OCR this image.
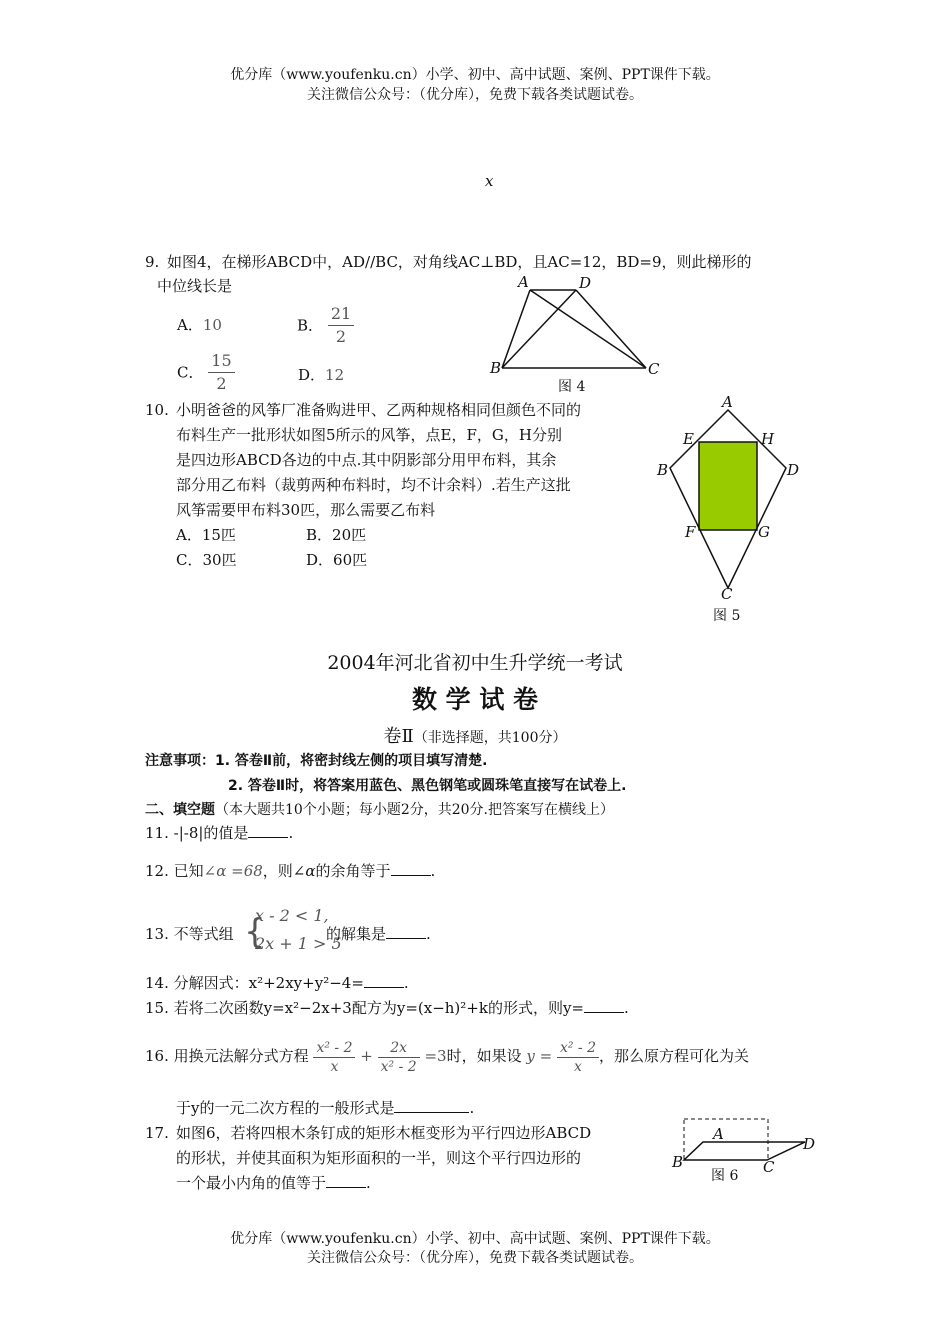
优分库（www.youfenku.cn）小学、初中、高中试题、案例、PPT课件下载。
关注微信公众号：（优分库），免费下载各类试题试卷。
x
9. 如图4，在梯形ABCD中，AD//BC，对角线AC⊥BD，且AC=12，BD=9，则此梯形的
中位线长是
A．10	B． $\frac{21}{2}$
C． $\frac{15}{2}$	D．12
A	D
B	C
图 4
10. 小明爸爸的风筝厂准备购进甲、乙两种规格相同但颜色不同的
布料生产一批形状如图5所示的风筝，点E，F，G，H分别
是四边形ABCD各边的中点.其中阴影部分用甲布料，其余
部分用乙布料（裁剪两种布料时，均不计余料）.若生产这批
风筝需要甲布料30匹，那么需要乙布料
A．15匹	B．20匹
C．30匹	D．60匹
A
B	D
C
E	H
F	G
图 5
2004年河北省初中生升学统一考试
数 学 试 卷
卷Ⅱ（非选择题，共100分）
注意事项：1. 答卷Ⅱ前，将密封线左侧的项目填写清楚.
2. 答卷Ⅱ时，将答案用蓝色、黑色钢笔或圆珠笔直接写在试卷上.
二、填空题（本大题共10个小题；每小题2分，共20分.把答案写在横线上）
11. -|-8|的值是	.
12. 已知∠α =68，则∠α的余角等于	.
13. 不等式组 {
x - 2 < 1,
2x + 1 > 5
的解集是	.
14. 分解因式：x²+2xy+y²−4=	.
15. 若将二次函数y=x²−2x+3配方为y=(x−h)²+k的形式，则y=	.
16. 用换元法解分式方程 $\frac{\text{x² - 2}}{x} + \frac{2x}{\text{x² - 2}} =3$时，如果设 $y = \frac{\text{x² - 2}}{x}$ ，那么原方程可化为关
于y的一元二次方程的一般形式是	.
17. 如图6，若将四根木条钉成的矩形木框变形为平行四边形ABCD
的形状，并使其面积为矩形面积的一半，则这个平行四边形的
一个最小内角的值等于	.
A
D
B	C
图 6
优分库（www.youfenku.cn）小学、初中、高中试题、案例、PPT课件下载。
关注微信公众号：（优分库），免费下载各类试题试卷。
